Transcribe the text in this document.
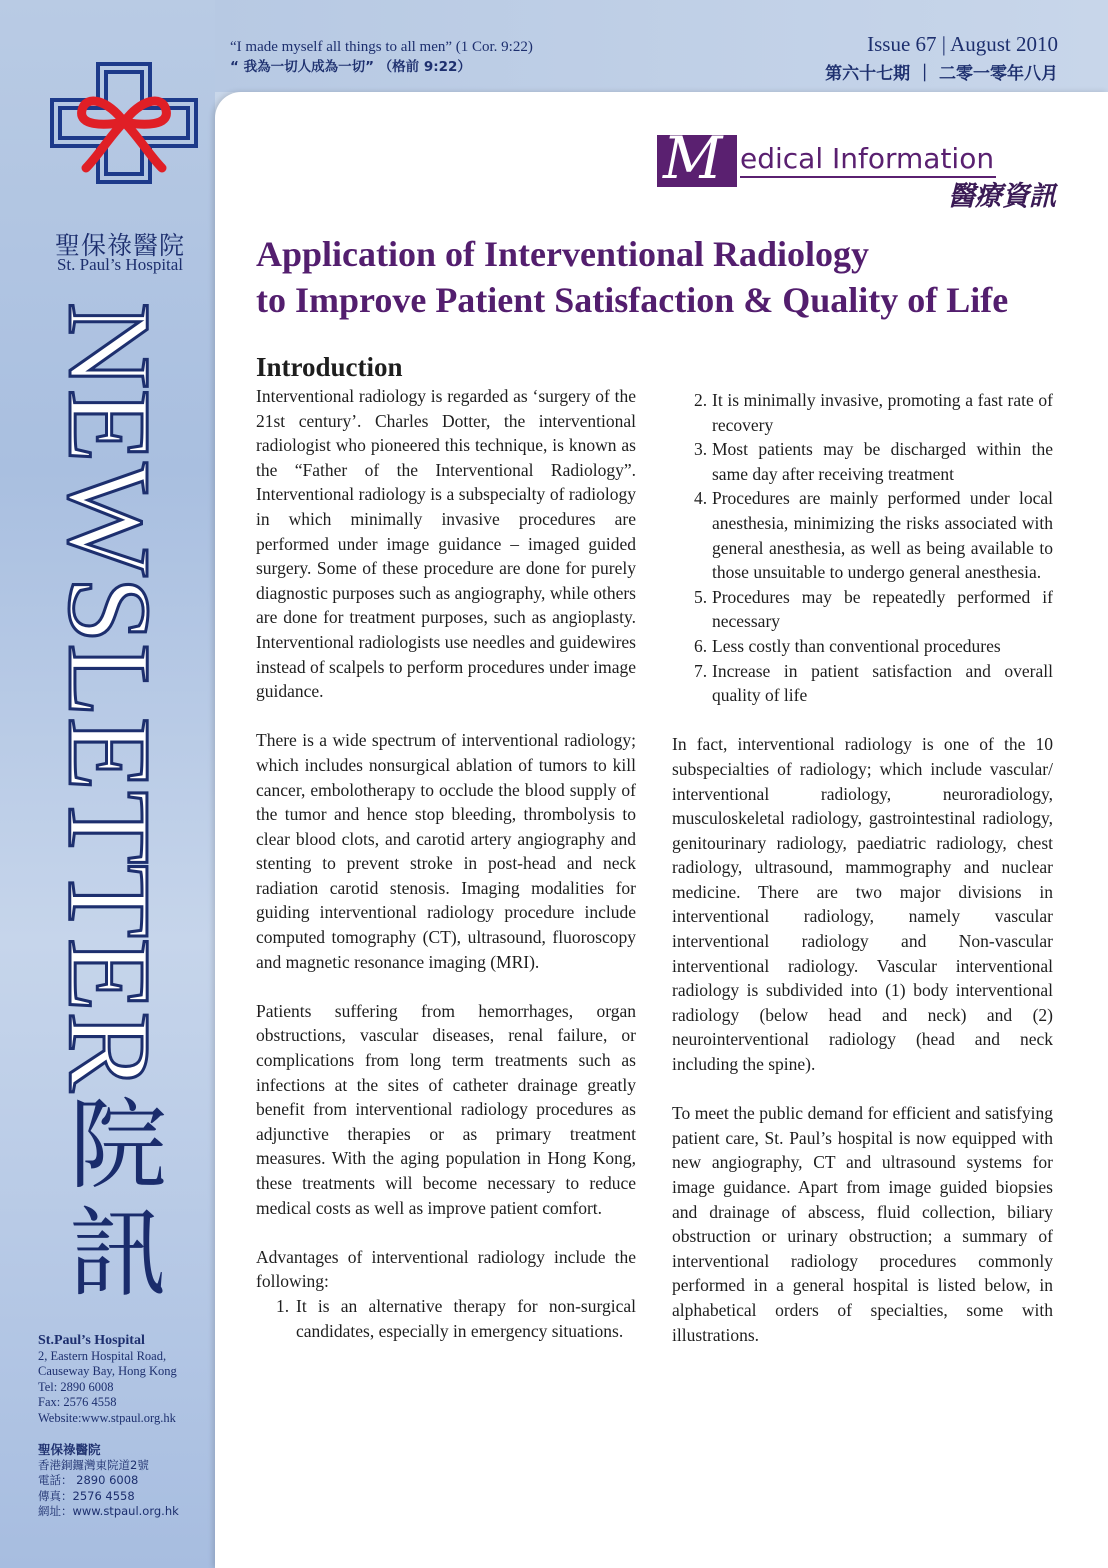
聖保祿醫院
St. Paul’s Hospital
NEWSLETTER
院訊
St.Paul’s Hospital
2, Eastern Hospital Road,
Causeway Bay, Hong Kong
Tel: 2890 6008
Fax: 2576 4558
Website:www.stpaul.org.hk
聖保祿醫院
香港銅鑼灣東院道2號
電話： 2890 6008
傳真：2576 4558
網址：www.stpaul.org.hk
“I made myself all things to all men” (1 Cor. 9:22)
“ 我為一切人成為一切” （格前 9:22）
Issue 67 | August 2010
第六十七期 ｜ 二零一零年八月
M edical Information
醫療資訊
Application of Interventional Radiology
to Improve Patient Satisfaction & Quality of Life
Introduction

Interventional radiology is regarded as ‘surgery of the 21st century’. Charles Dotter, the interventional radiologist who pioneered this technique, is known as the “Father of the Interventional Radiology”. Interventional radiology is a subspecialty of radiology in which minimally invasive procedures are performed under image guidance – imaged guided surgery. Some of these procedure are done for purely diagnostic purposes such as angiography, while others are done for treatment purposes, such as angioplasty. Interventional radiologists use needles and guidewires instead of scalpels to perform procedures under image guidance.

There is a wide spectrum of interventional radiology; which includes nonsurgical ablation of tumors to kill cancer, embolotherapy to occlude the blood supply of the tumor and hence stop bleeding, thrombolysis to clear blood clots, and carotid artery angiography and stenting to prevent stroke in post-head and neck radiation carotid stenosis. Imaging modalities for guiding interventional radiology procedure include computed tomography (CT), ultrasound, fluoroscopy and magnetic resonance imaging (MRI).

Patients suffering from hemorrhages, organ obstructions, vascular diseases, renal failure, or complications from long term treatments such as infections at the sites of catheter drainage greatly benefit from interventional radiology procedures as adjunctive therapies or as primary treatment measures. With the aging population in Hong Kong, these treatments will become necessary to reduce medical costs as well as improve patient comfort.

Advantages of interventional radiology include the following:

1. It is an alternative therapy for non-surgical candidates, especially in emergency situations.
2. It is minimally invasive, promoting a fast rate of recovery
3. Most patients may be discharged within the same day after receiving treatment
4. Procedures are mainly performed under local anesthesia, minimizing the risks associated with general anesthesia, as well as being available to those unsuitable to undergo general anesthesia.
5. Procedures may be repeatedly performed if necessary
6. Less costly than conventional procedures
7. Increase in patient satisfaction and overall quality of life

In fact, interventional radiology is one of the 10 subspecialties of radiology; which include vascular/ interventional radiology, neuroradiology, musculoskeletal radiology, gastrointestinal radiology, genitourinary radiology, paediatric radiology, chest radiology, ultrasound, mammography and nuclear medicine. There are two major divisions in interventional radiology, namely vascular interventional radiology and Non-vascular interventional radiology. Vascular interventional radiology is subdivided into (1) body interventional radiology (below head and neck) and (2) neurointerventional radiology (head and neck including the spine).

To meet the public demand for efficient and satisfying patient care, St. Paul’s hospital is now equipped with new angiography, CT and ultrasound systems for image guidance. Apart from image guided biopsies and drainage of abscess, fluid collection, biliary obstruction or urinary obstruction; a summary of interventional radiology procedures commonly performed in a general hospital is listed below, in alphabetical orders of specialties, some with illustrations.
